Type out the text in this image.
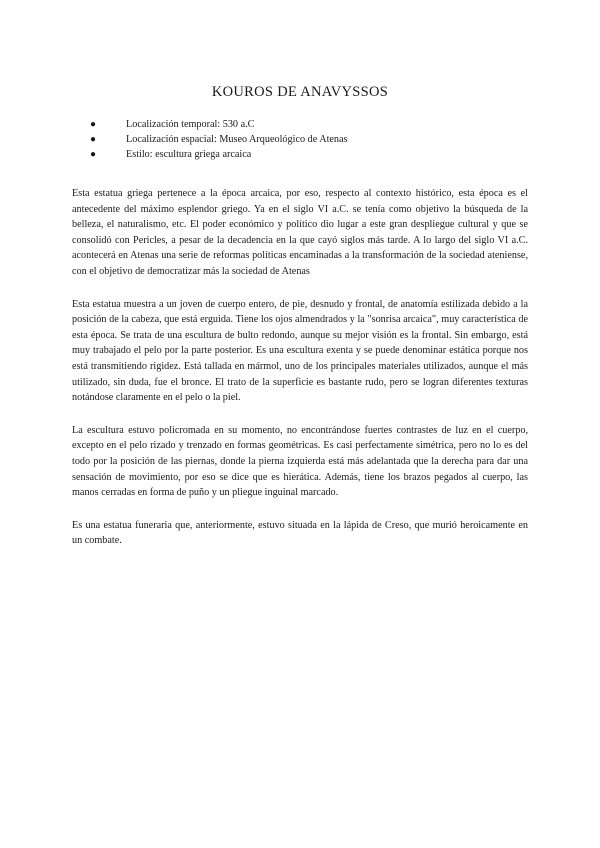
KOUROS DE ANAVYSSOS
●	Localización temporal: 530 a.C
●	Localización espacial: Museo Arqueológico de Atenas
●	Estilo: escultura griega arcaica

Esta estatua griega pertenece a la época arcaica, por eso, respecto al contexto histórico, esta época es el antecedente del máximo esplendor griego. Ya en el siglo VI a.C. se tenía como objetivo la búsqueda de la belleza, el naturalismo, etc. El poder económico y político dio lugar a este gran despliegue cultural y que se consolidó con Pericles, a pesar de la decadencia en la que cayó siglos más tarde. A lo largo del siglo VI a.C. acontecerá en Atenas una serie de reformas políticas encaminadas a la transformación de la sociedad ateniense, con el objetivo de democratizar más la sociedad de Atenas

Esta estatua muestra a un joven de cuerpo entero, de pie, desnudo y frontal, de anatomía estilizada debido a la posición de la cabeza, que está erguida. Tiene los ojos almendrados y la "sonrisa arcaica", muy característica de esta época. Se trata de una escultura de bulto redondo, aunque su mejor visión es la frontal. Sin embargo, está muy trabajado el pelo por la parte posterior. Es una escultura exenta y se puede denominar estática porque nos está transmitiendo rigidez. Está tallada en mármol, uno de los principales materiales utilizados, aunque el más utilizado, sin duda, fue el bronce. El trato de la superficie es bastante rudo, pero se logran diferentes texturas notándose claramente en el pelo o la piel.

La escultura estuvo policromada en su momento, no encontrándose fuertes contrastes de luz en el cuerpo, excepto en el pelo rizado y trenzado en formas geométricas. Es casi perfectamente simétrica, pero no lo es del todo por la posición de las piernas, donde la pierna izquierda está más adelantada que la derecha para dar una sensación de movimiento, por eso se dice que es hierática. Además, tiene los brazos pegados al cuerpo, las manos cerradas en forma de puño y un pliegue inguinal marcado.

Es una estatua funeraria que, anteriormente, estuvo situada en la lápida de Creso, que murió heroicamente en un combate.
